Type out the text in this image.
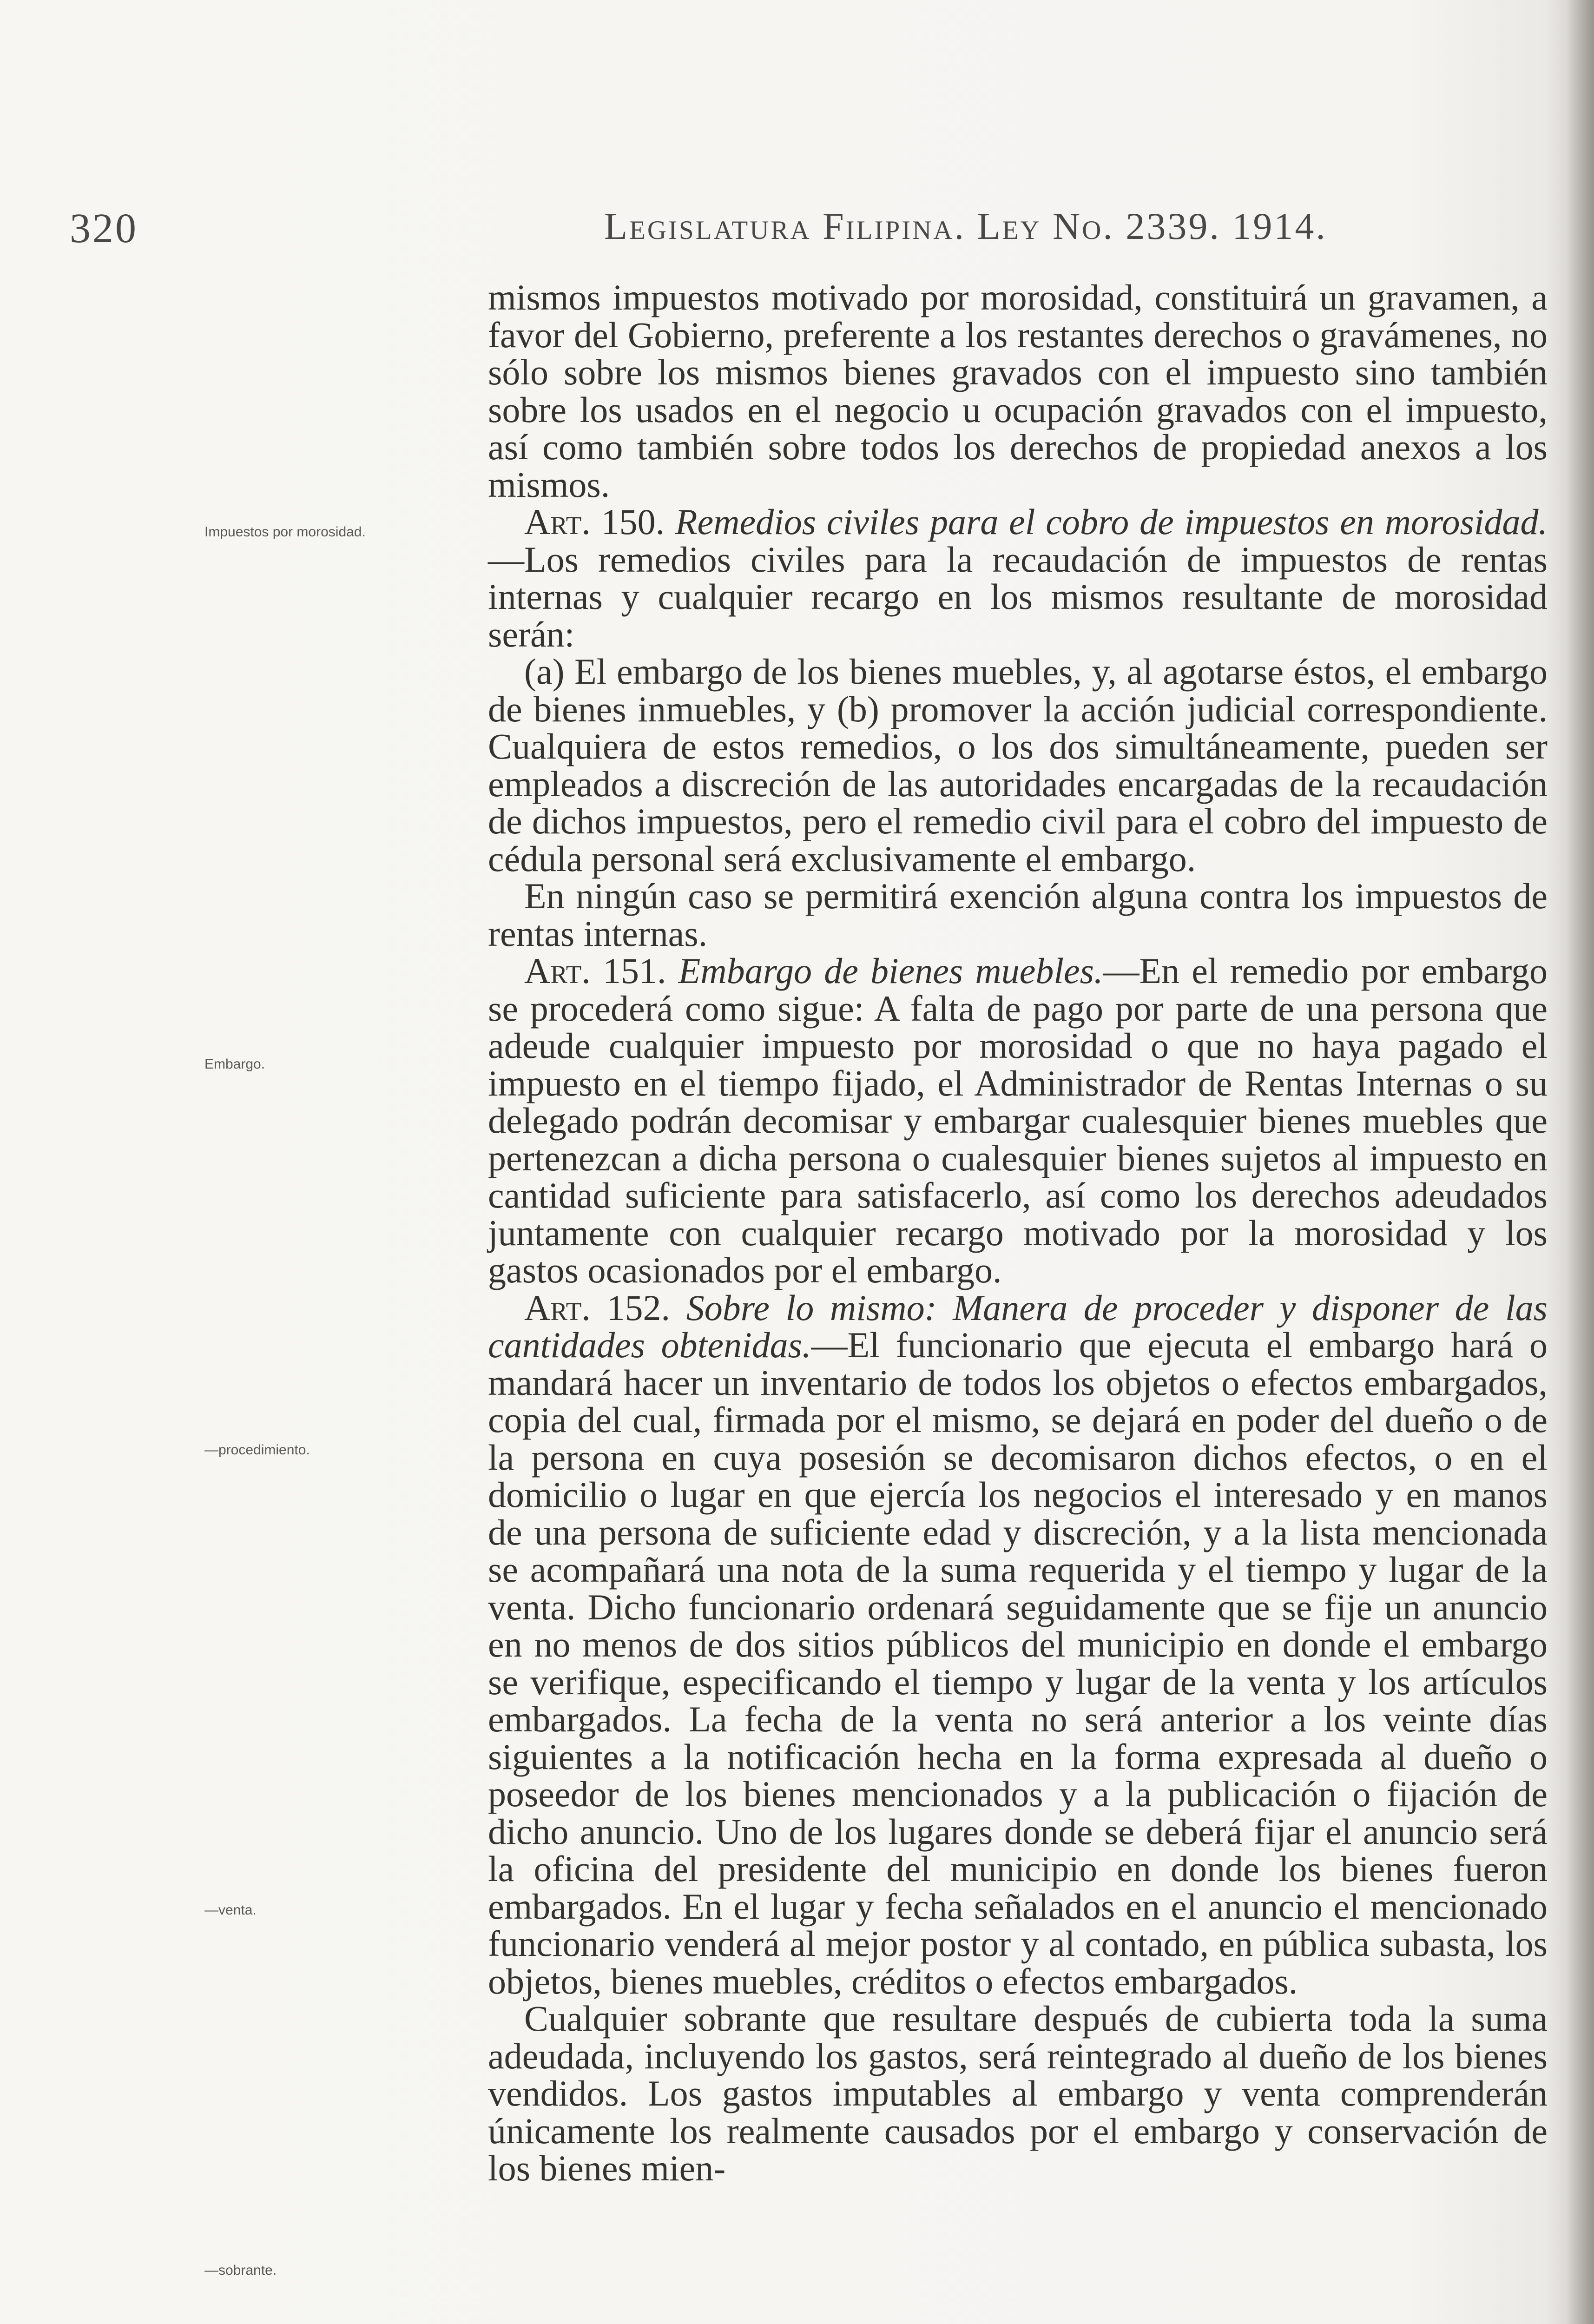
320	Legislatura Filipina. Ley No. 2339. 1914.
Impuestos por morosidad.
Embargo.
—procedimiento.
—venta.
—sobrante.

mismos impuestos motivado por morosidad, constituirá un gravamen, a favor del Gobierno, preferente a los restantes derechos o gravámenes, no sólo sobre los mismos bienes gravados con el impuesto sino también sobre los usados en el negocio u ocupación gravados con el impuesto, así como también sobre todos los derechos de propiedad anexos a los mismos.

Art. 150. Remedios civiles para el cobro de impuestos en morosidad.—Los remedios civiles para la recaudación de impuestos de rentas internas y cualquier recargo en los mismos resultante de morosidad serán:

(a) El embargo de los bienes muebles, y, al agotarse éstos, el embargo de bienes inmuebles, y (b) promover la acción judicial correspondiente. Cualquiera de estos remedios, o los dos simultáneamente, pueden ser empleados a discreción de las autoridades encargadas de la recaudación de dichos impuestos, pero el remedio civil para el cobro del impuesto de cédula personal será exclusivamente el embargo.

En ningún caso se permitirá exención alguna contra los impuestos de rentas internas.

Art. 151. Embargo de bienes muebles.—En el remedio por embargo se procederá como sigue: A falta de pago por parte de una persona que adeude cualquier impuesto por morosidad o que no haya pagado el impuesto en el tiempo fijado, el Administrador de Rentas Internas o su delegado podrán decomisar y embargar cualesquier bienes muebles que pertenezcan a dicha persona o cualesquier bienes sujetos al impuesto en cantidad suficiente para satisfacerlo, así como los derechos adeudados juntamente con cualquier recargo motivado por la morosidad y los gastos ocasionados por el embargo.

Art. 152. Sobre lo mismo: Manera de proceder y disponer de las cantidades obtenidas.—El funcionario que ejecuta el embargo hará o mandará hacer un inventario de todos los objetos o efectos embargados, copia del cual, firmada por el mismo, se dejará en poder del dueño o de la persona en cuya posesión se decomisaron dichos efectos, o en el domicilio o lugar en que ejercía los negocios el interesado y en manos de una persona de suficiente edad y discreción, y a la lista mencionada se acompañará una nota de la suma requerida y el tiempo y lugar de la venta. Dicho funcionario ordenará seguidamente que se fije un anuncio en no menos de dos sitios públicos del municipio en donde el embargo se verifique, especificando el tiempo y lugar de la venta y los artículos embargados. La fecha de la venta no será anterior a los veinte días siguientes a la notificación hecha en la forma expresada al dueño o poseedor de los bienes mencionados y a la publicación o fijación de dicho anuncio. Uno de los lugares donde se deberá fijar el anuncio será la oficina del presidente del municipio en donde los bienes fueron embargados. En el lugar y fecha señalados en el anuncio el mencionado funcionario venderá al mejor postor y al contado, en pública subasta, los objetos, bienes muebles, créditos o efectos embargados.

Cualquier sobrante que resultare después de cubierta toda la suma adeudada, incluyendo los gastos, será reintegrado al dueño de los bienes vendidos. Los gastos imputables al embargo y venta comprenderán únicamente los realmente causados por el embargo y conservación de los bienes mien-
